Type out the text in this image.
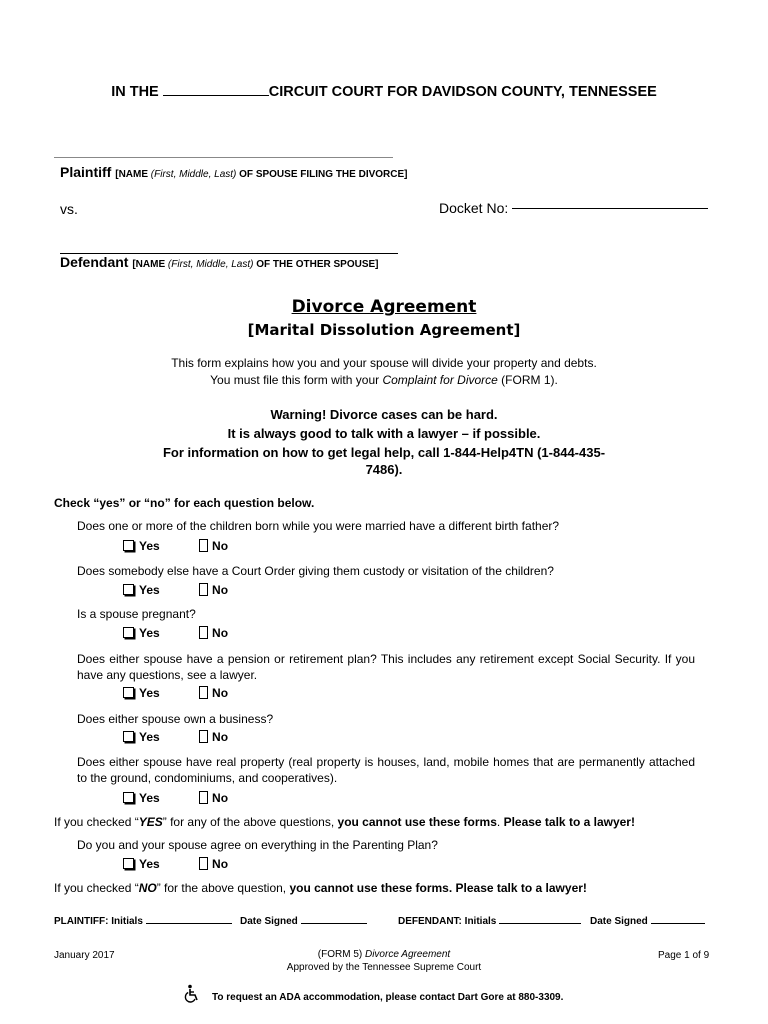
IN THE	CIRCUIT COURT FOR DAVIDSON COUNTY, TENNESSEE
Plaintiff [NAME (First, Middle, Last) OF SPOUSE FILING THE DIVORCE]
vs.	Docket No:
Defendant [NAME (First, Middle, Last) OF THE OTHER SPOUSE]
Divorce Agreement
[Marital Dissolution Agreement]
This form explains how you and your spouse will divide your property and debts.
You must file this form with your Complaint for Divorce (FORM 1).
Warning! Divorce cases can be hard.
It is always good to talk with a lawyer – if possible.
For information on how to get legal help, call 1-844-Help4TN (1-844-435-
7486).
Check “yes” or “no” for each question below.
Does one or more of the children born while you were married have a different birth father?
Yes	No
Does somebody else have a Court Order giving them custody or visitation of the children?
Yes	No
Is a spouse pregnant?
Yes	No
Does either spouse have a pension or retirement plan? This includes any retirement except Social Security. If you have any questions, see a lawyer.
Yes	No
Does either spouse own a business?
Yes	No
Does either spouse have real property (real property is houses, land, mobile homes that are permanently attached to the ground, condominiums, and cooperatives).
Yes	No
If you checked “YES” for any of the above questions, you cannot use these forms. Please talk to a lawyer!
Do you and your spouse agree on everything in the Parenting Plan?
Yes	No
If you checked “NO” for the above question, you cannot use these forms. Please talk to a lawyer!
PLAINTIFF: Initials	Date Signed	DEFENDANT: Initials	Date Signed
January 2017	(FORM 5) Divorce Agreement
Approved by the Tennessee Supreme Court
Page 1 of 9
To request an ADA accommodation, please contact Dart Gore at 880-3309.
